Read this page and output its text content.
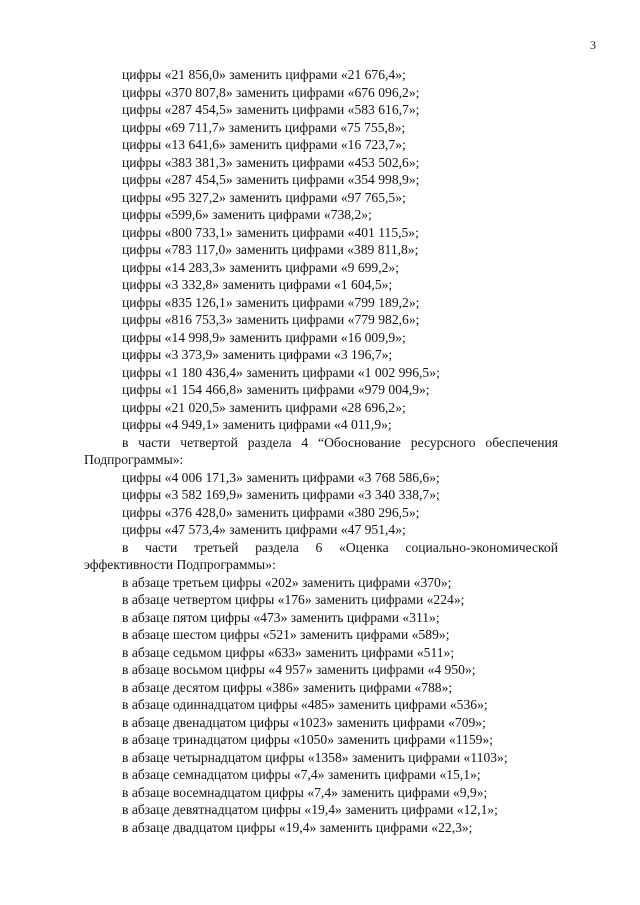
3
цифры «21 856,0» заменить цифрами «21 676,4»;
цифры «370 807,8» заменить цифрами «676 096,2»;
цифры «287 454,5» заменить цифрами «583 616,7»;
цифры «69 711,7» заменить цифрами «75 755,8»;
цифры «13 641,6» заменить цифрами «16 723,7»;
цифры «383 381,3» заменить цифрами «453 502,6»;
цифры «287 454,5» заменить цифрами «354 998,9»;
цифры «95 327,2» заменить цифрами «97 765,5»;
цифры «599,6» заменить цифрами «738,2»;
цифры «800 733,1» заменить цифрами «401 115,5»;
цифры «783 117,0» заменить цифрами «389 811,8»;
цифры «14 283,3» заменить цифрами «9 699,2»;
цифры «3 332,8» заменить цифрами «1 604,5»;
цифры «835 126,1» заменить цифрами «799 189,2»;
цифры «816 753,3» заменить цифрами «779 982,6»;
цифры «14 998,9» заменить цифрами «16 009,9»;
цифры «3 373,9» заменить цифрами «3 196,7»;
цифры «1 180 436,4» заменить цифрами «1 002 996,5»;
цифры «1 154 466,8» заменить цифрами «979 004,9»;
цифры «21 020,5» заменить цифрами «28 696,2»;
цифры «4 949,1» заменить цифрами «4 011,9»;
в части четвертой раздела 4 “Обоснование ресурсного обеспечения Подпрограммы»:
цифры «4 006 171,3» заменить цифрами «3 768 586,6»;
цифры «3 582 169,9» заменить цифрами «3 340 338,7»;
цифры «376 428,0» заменить цифрами «380 296,5»;
цифры «47 573,4» заменить цифрами «47 951,4»;
в части третьей раздела 6 «Оценка социально-экономической эффективности Подпрограммы»:
в абзаце третьем цифры «202» заменить цифрами «370»;
в абзаце четвертом цифры «176» заменить цифрами «224»;
в абзаце пятом цифры «473» заменить цифрами «311»;
в абзаце шестом цифры «521» заменить цифрами «589»;
в абзаце седьмом цифры «633» заменить цифрами «511»;
в абзаце восьмом цифры «4 957» заменить цифрами «4 950»;
в абзаце десятом цифры «386» заменить цифрами «788»;
в абзаце одиннадцатом цифры «485» заменить цифрами «536»;
в абзаце двенадцатом цифры «1023» заменить цифрами «709»;
в абзаце тринадцатом цифры «1050» заменить цифрами «1159»;
в абзаце четырнадцатом цифры «1358» заменить цифрами «1103»;
в абзаце семнадцатом цифры «7,4» заменить цифрами «15,1»;
в абзаце восемнадцатом цифры «7,4» заменить цифрами «9,9»;
в абзаце девятнадцатом цифры «19,4» заменить цифрами «12,1»;
в абзаце двадцатом цифры «19,4» заменить цифрами «22,3»;
